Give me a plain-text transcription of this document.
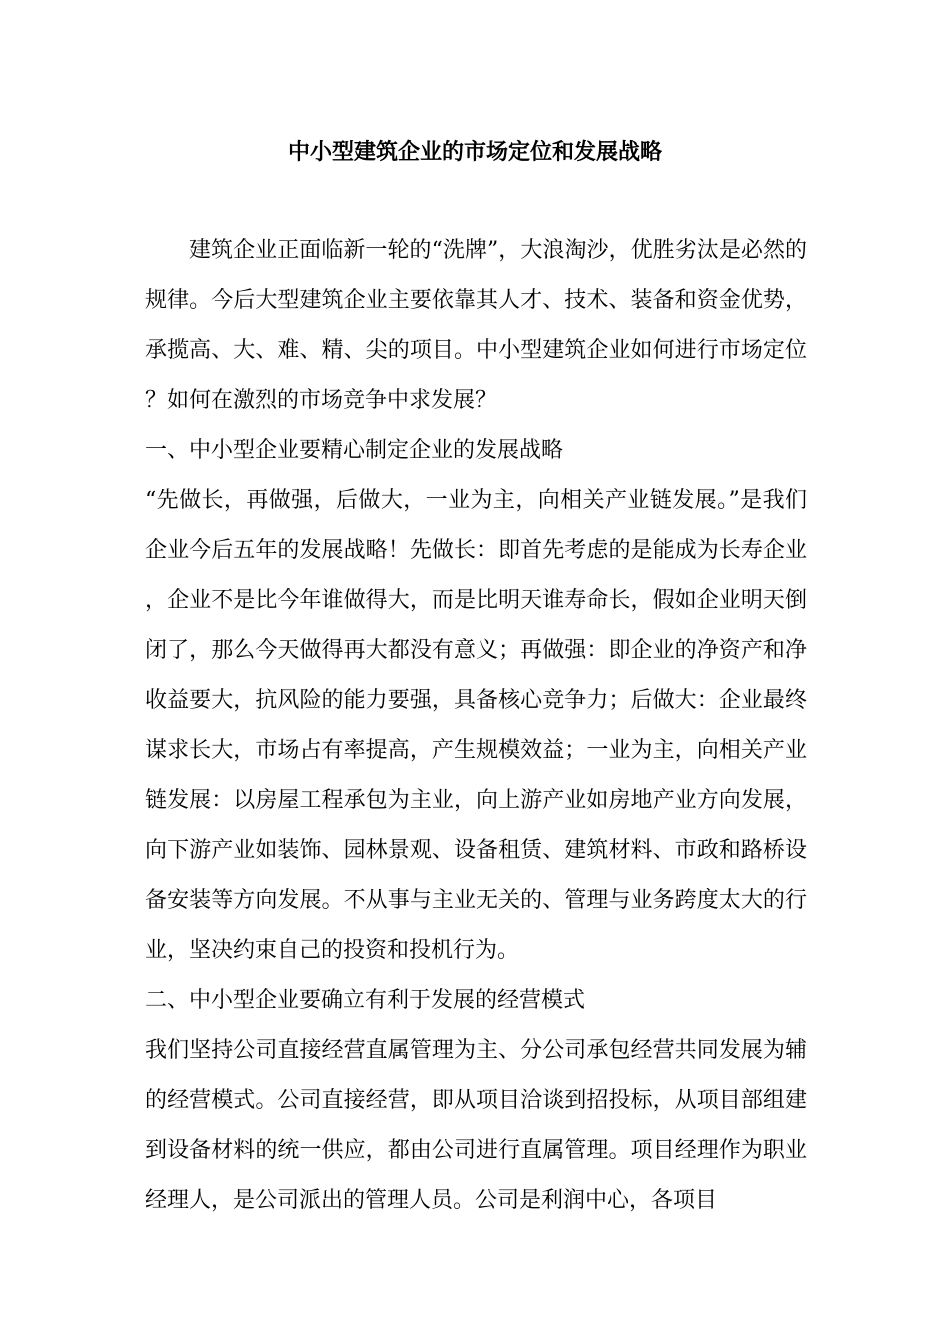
中小型建筑企业的市场定位和发展战略

建筑企业正面临新一轮的“洗牌”，大浪淘沙，优胜劣汰是必然的规律。今后大型建筑企业主要依靠其人才、技术、装备和资金优势，承揽高、大、难、精、尖的项目。中小型建筑企业如何进行市场定位？如何在激烈的市场竞争中求发展？

一、中小型企业要精心制定企业的发展战略

“先做长，再做强，后做大，一业为主，向相关产业链发展。”是我们企业今后五年的发展战略！先做长：即首先考虑的是能成为长寿企业，企业不是比今年谁做得大，而是比明天谁寿命长，假如企业明天倒闭了，那么今天做得再大都没有意义；再做强：即企业的净资产和净收益要大，抗风险的能力要强，具备核心竞争力；后做大：企业最终谋求长大，市场占有率提高，产生规模效益；一业为主，向相关产业链发展：以房屋工程承包为主业，向上游产业如房地产业方向发展，向下游产业如装饰、园林景观、设备租赁、建筑材料、市政和路桥设备安装等方向发展。不从事与主业无关的、管理与业务跨度太大的行业，坚决约束自己的投资和投机行为。

二、中小型企业要确立有利于发展的经营模式

我们坚持公司直接经营直属管理为主、分公司承包经营共同发展为辅的经营模式。公司直接经营，即从项目洽谈到招投标，从项目部组建到设备材料的统一供应，都由公司进行直属管理。项目经理作为职业经理人，是公司派出的管理人员。公司是利润中心，各项目
